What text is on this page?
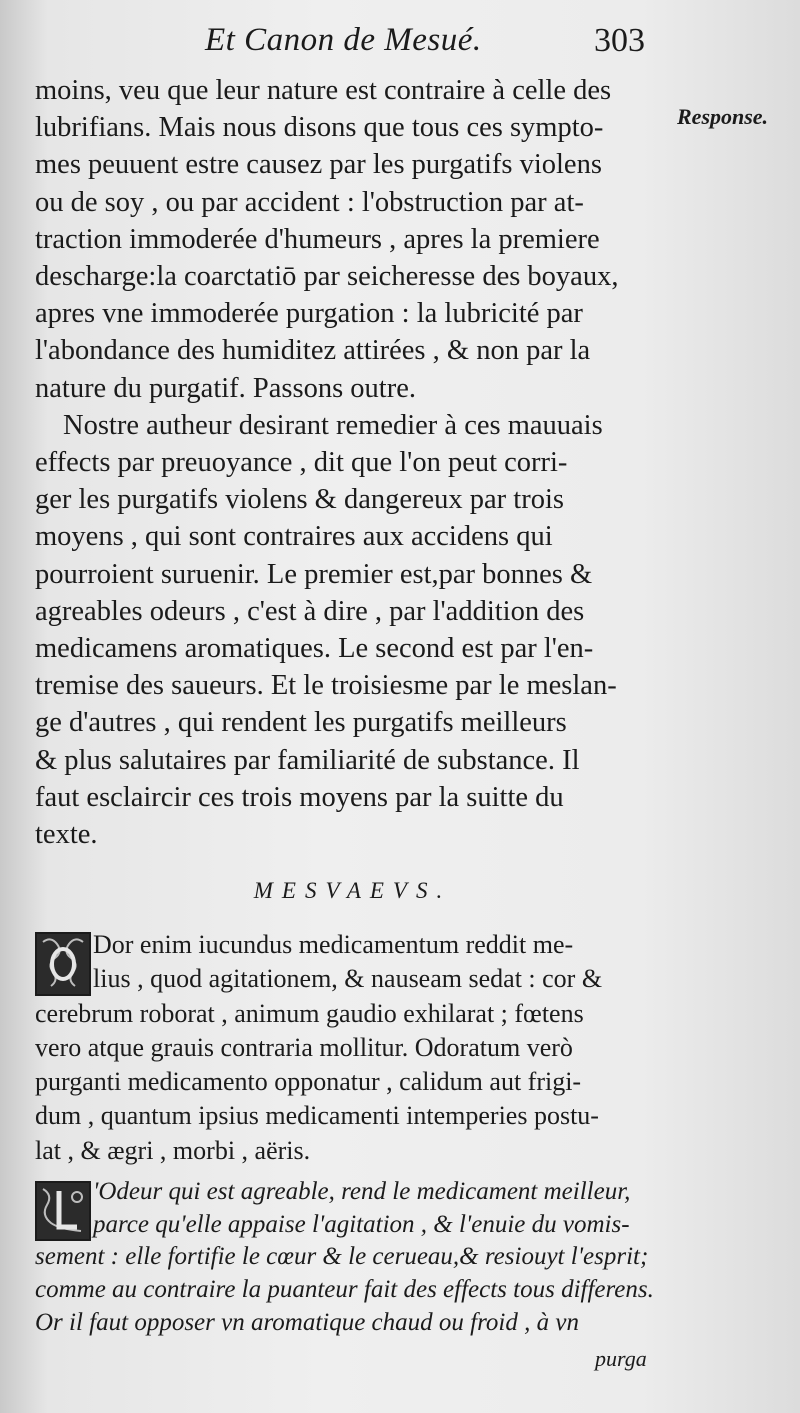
Et Canon de Mesué.	303
Response.
moins, veu que leur nature est contraire à celle des
lubrifians. Mais nous disons que tous ces sympto-
mes peuuent estre causez par les purgatifs violens
ou de soy , ou par accident : l'obstruction par at-
traction immoderée d'humeurs , apres la premiere
descharge:la coarctatiō par seicheresse des boyaux,
apres vne immoderée purgation : la lubricité par
l'abondance des humiditez attirées , & non par la
nature du purgatif. Passons outre.
Nostre autheur desirant remedier à ces mauuais
effects par preuoyance , dit que l'on peut corri-
ger les purgatifs violens & dangereux par trois
moyens , qui sont contraires aux accidens qui
pourroient suruenir. Le premier est,par bonnes &
agreables odeurs , c'est à dire , par l'addition des
medicamens aromatiques. Le second est par l'en-
tremise des saueurs. Et le troisiesme par le meslan-
ge d'autres , qui rendent les purgatifs meilleurs
& plus salutaires par familiarité de substance. Il
faut esclaircir ces trois moyens par la suitte du
texte.
MESVAEVS.
Dor enim iucundus medicamentum reddit me-
lius , quod agitationem, & nauseam sedat : cor &
cerebrum roborat , animum gaudio exhilarat ; fœtens
vero atque grauis contraria mollitur. Odoratum verò
purganti medicamento opponatur , calidum aut frigi-
dum , quantum ipsius medicamenti intemperies postu-
lat , & ægri , morbi , aëris.
'Odeur qui est agreable, rend le medicament meilleur,
parce qu'elle appaise l'agitation , & l'enuie du vomis-
sement : elle fortifie le cœur & le cerueau,& resiouyt l'esprit;
comme au contraire la puanteur fait des effects tous differens.
Or il faut opposer vn aromatique chaud ou froid , à vn
purga
